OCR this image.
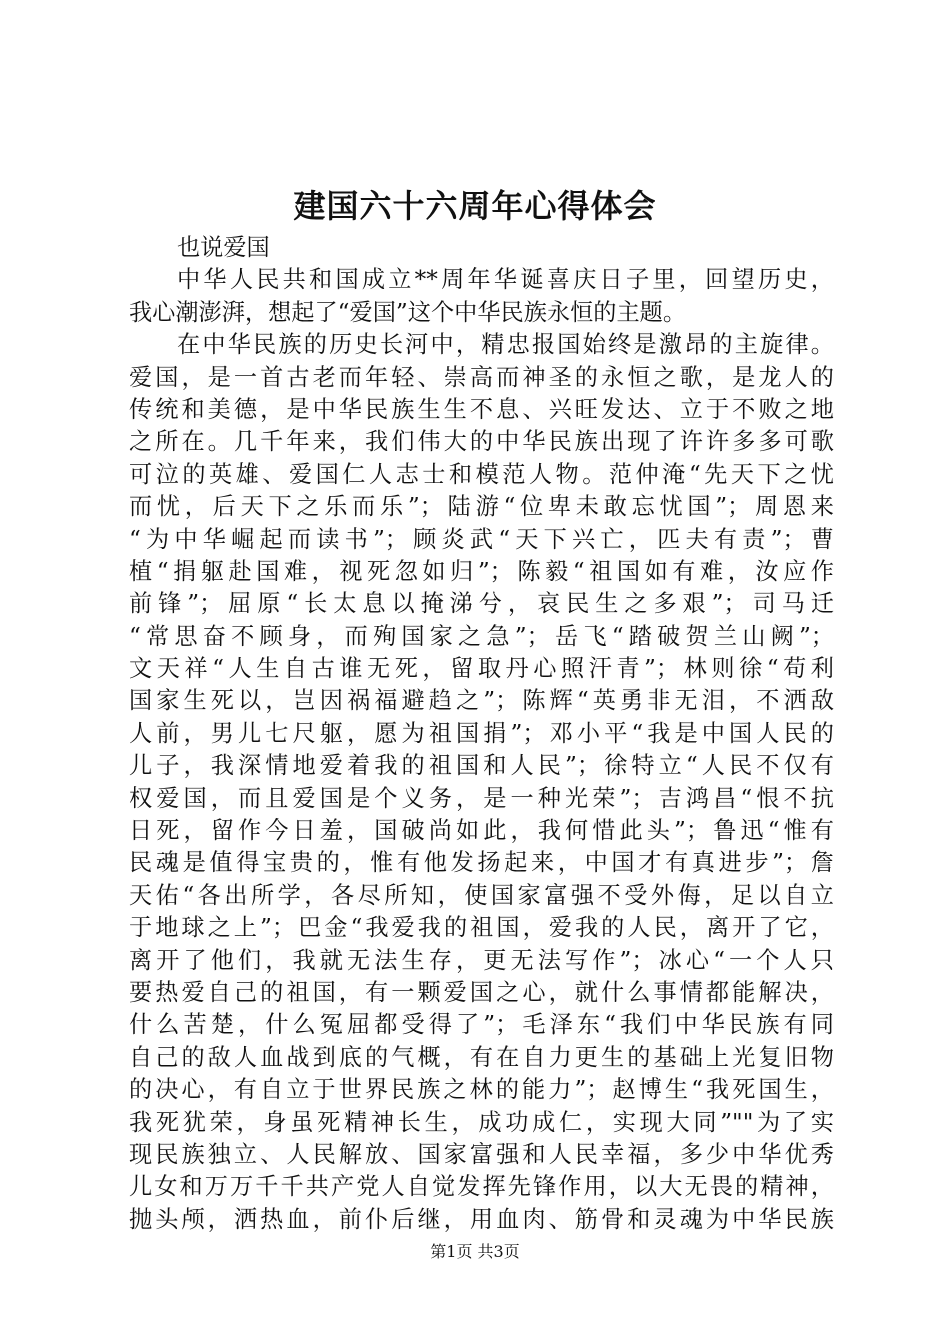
建国六十六周年心得体会
也说爱国
中华人民共和国成立**周年华诞喜庆日子里，回望历史，
我心潮澎湃，想起了“爱国”这个中华民族永恒的主题。
在中华民族的历史长河中，精忠报国始终是激昂的主旋律。
爱国，是一首古老而年轻、崇高而神圣的永恒之歌，是龙人的
传统和美德，是中华民族生生不息、兴旺发达、立于不败之地
之所在。几千年来，我们伟大的中华民族出现了许许多多可歌
可泣的英雄、爱国仁人志士和模范人物。范仲淹“先天下之忧
而忧，后天下之乐而乐”；陆游“位卑未敢忘忧国”；周恩来
“为中华崛起而读书”；顾炎武“天下兴亡，匹夫有责”；曹
植“捐躯赴国难，视死忽如归”；陈毅“祖国如有难，汝应作
前锋”；屈原“长太息以掩涕兮，哀民生之多艰”；司马迁
“常思奋不顾身，而殉国家之急”；岳飞“踏破贺兰山阙”；
文天祥“人生自古谁无死，留取丹心照汗青”；林则徐“苟利
国家生死以，岂因祸福避趋之”；陈辉“英勇非无泪，不洒敌
人前，男儿七尺躯，愿为祖国捐”；邓小平“我是中国人民的
儿子，我深情地爱着我的祖国和人民”；徐特立“人民不仅有
权爱国，而且爱国是个义务，是一种光荣”；吉鸿昌“恨不抗
日死，留作今日羞，国破尚如此，我何惜此头”；鲁迅“惟有
民魂是值得宝贵的，惟有他发扬起来，中国才有真进步”；詹
天佑“各出所学，各尽所知，使国家富强不受外侮，足以自立
于地球之上”；巴金“我爱我的祖国，爱我的人民，离开了它，
离开了他们，我就无法生存，更无法写作”；冰心“一个人只
要热爱自己的祖国，有一颗爱国之心，就什么事情都能解决，
什么苦楚，什么冤屈都受得了”；毛泽东“我们中华民族有同
自己的敌人血战到底的气概，有在自力更生的基础上光复旧物
的决心，有自立于世界民族之林的能力”；赵博生“我死国生，
我死犹荣，身虽死精神长生，成功成仁，实现大同”""为了实
现民族独立、人民解放、国家富强和人民幸福，多少中华优秀
儿女和万万千千共产党人自觉发挥先锋作用，以大无畏的精神，
抛头颅，洒热血，前仆后继，用血肉、筋骨和灵魂为中华民族
第1页 共3页
